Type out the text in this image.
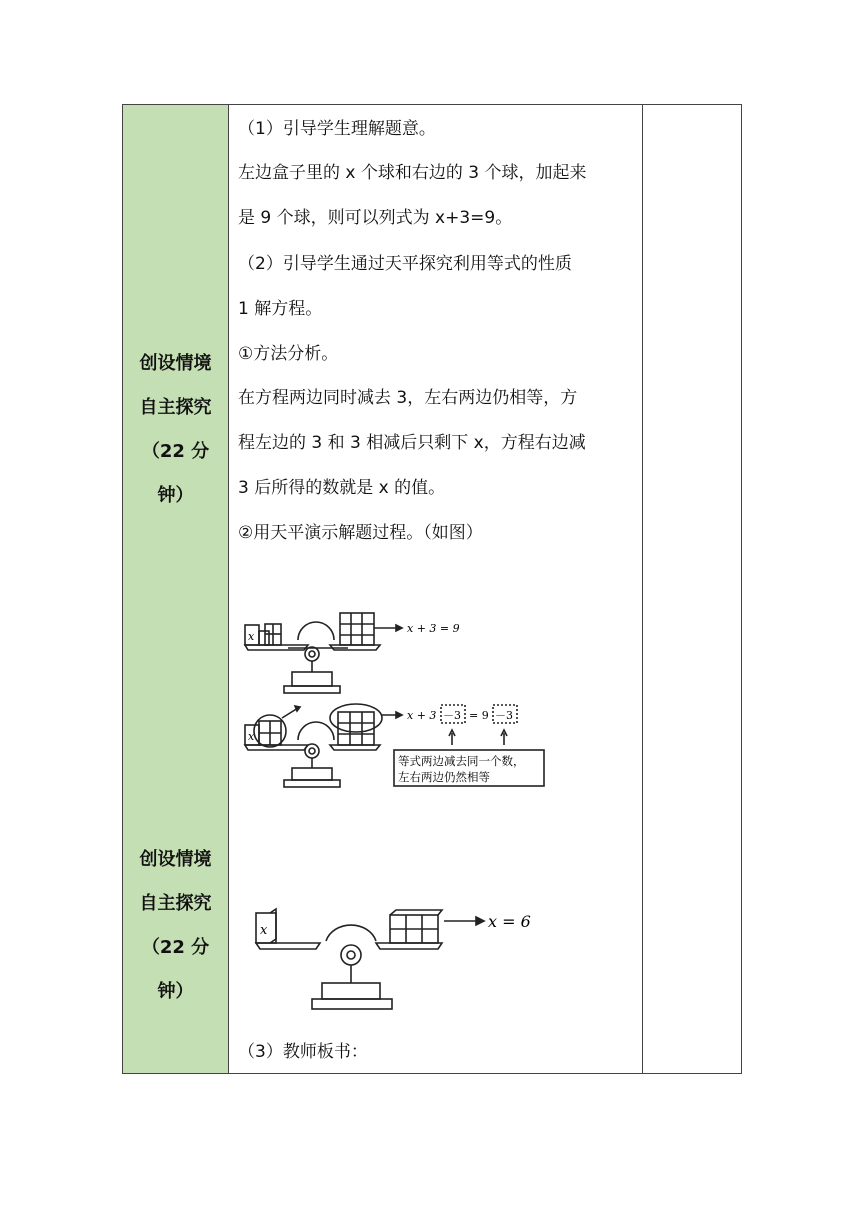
创设情境
自主探究
（22 分
钟）
创设情境
自主探究
（22 分
钟）

（1）引导学生理解题意。

左边盒子里的 x 个球和右边的 3 个球，加起来

是 9 个球，则可以列式为 x+3=9。

（2）引导学生通过天平探究利用等式的性质

1 解方程。

①方法分析。

在方程两边同时减去 3，左右两边仍相等，方

程左边的 3 和 3 相减后只剩下 x，方程右边减

3 后所得的数就是 x 的值。

②用天平演示解题过程。（如图）

（3）教师板书：

x
x
x + 3 = 9
x + 3 －3 = 9 －3
等式两边减去同一个数，
左右两边仍然相等
x	x = 6
